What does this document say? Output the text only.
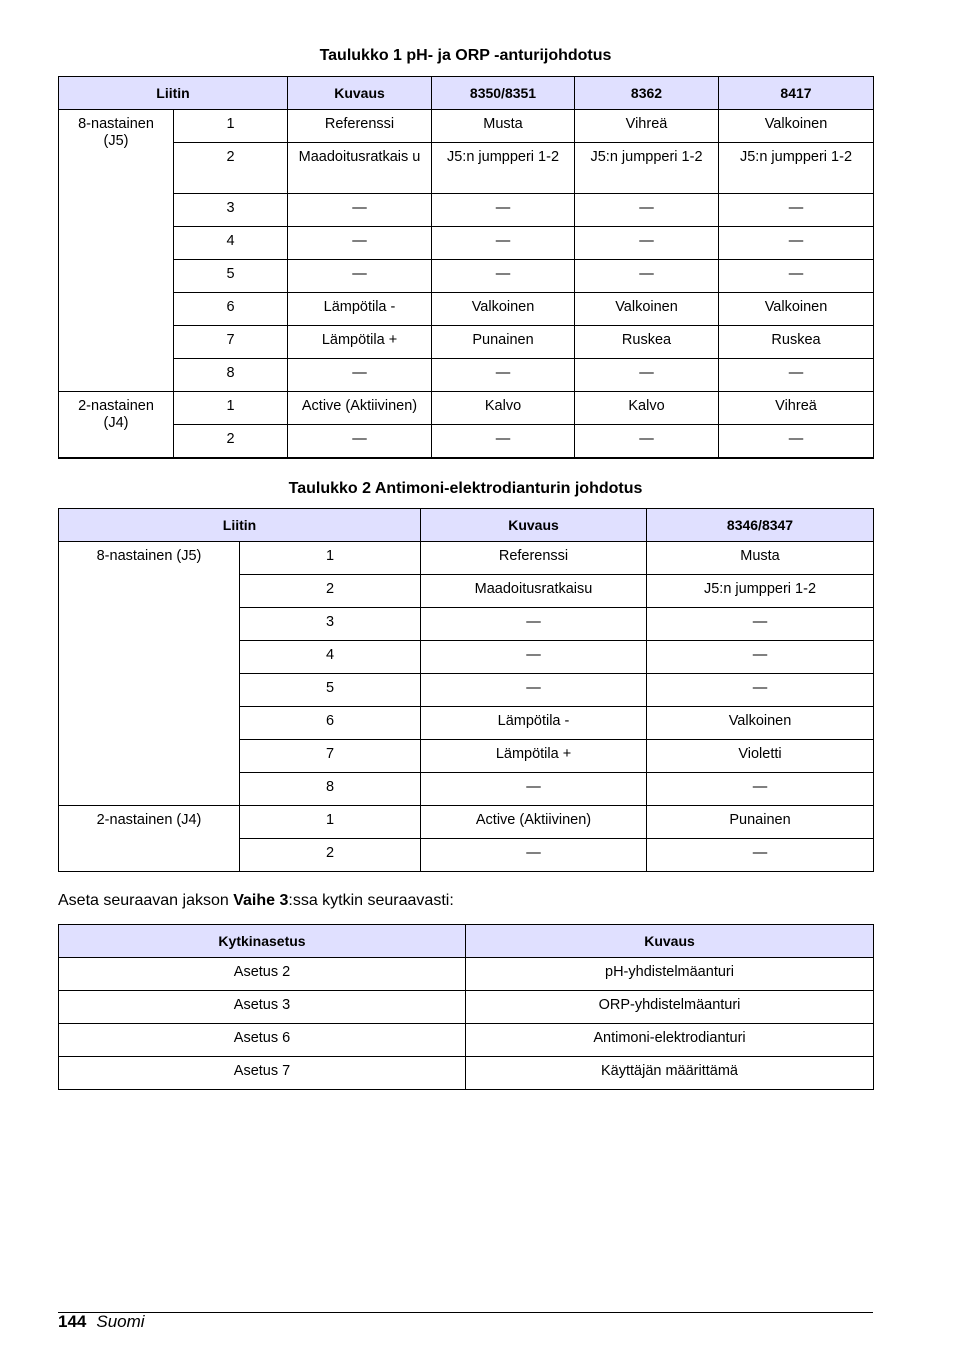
Taulukko 1 pH- ja ORP -anturijohdotus
Liitin		Kuvaus	8350/8351	8362	8417
8-nastainen (J5)	1	Referenssi	Musta	Vihreä	Valkoinen
	2	Maadoitusratkais u	J5:n jumpperi 1-2	J5:n jumpperi 1-2	J5:n jumpperi 1-2
	3	—	—	—	—
	4	—	—	—	—
	5	—	—	—	—
	6	Lämpötila -	Valkoinen	Valkoinen	Valkoinen
	7	Lämpötila +	Punainen	Ruskea	Ruskea
	8	—	—	—	—
2-nastainen (J4)	1	Active (Aktiivinen)	Kalvo	Kalvo	Vihreä
	2	—	—	—	—
Taulukko 2 Antimoni-elektrodianturin johdotus
Liitin		Kuvaus	8346/8347
8-nastainen (J5)	1	Referenssi	Musta
	2	Maadoitusratkaisu	J5:n jumpperi 1-2
	3	—	—
	4	—	—
	5	—	—
	6	Lämpötila -	Valkoinen
	7	Lämpötila +	Violetti
	8	—	—
2-nastainen (J4)	1	Active (Aktiivinen)	Punainen
	2	—	—
Aseta seuraavan jakson Vaihe 3:ssa kytkin seuraavasti:
Kytkinasetus	Kuvaus
Asetus 2	pH-yhdistelmäanturi
Asetus 3	ORP-yhdistelmäanturi
Asetus 6	Antimoni-elektrodianturi
Asetus 7	Käyttäjän määrittämä
144 Suomi
